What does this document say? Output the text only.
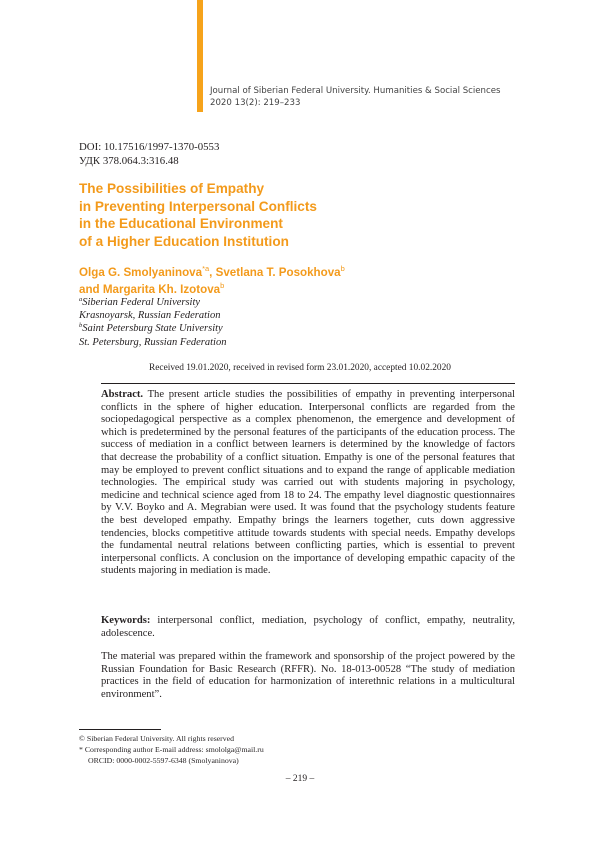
Journal of Siberian Federal University. Humanities & Social Sciences
2020 13(2): 219–233
DOI: 10.17516/1997-1370-0553
УДК 378.064.3:316.48
The Possibilities of Empathy
in Preventing Interpersonal Conflicts
in the Educational Environment
of a Higher Education Institution
Olga G. Smolyaninova$^{*a}$, Svetlana T. Posokhova$^b$
and Margarita Kh. Izotova$^b$
$^a$Siberian Federal University
Krasnoyarsk, Russian Federation
$^b$Saint Petersburg State University
St. Petersburg, Russian Federation
Received 19.01.2020, received in revised form 23.01.2020, accepted 10.02.2020
Abstract. The present article studies the possibilities of empathy in preventing interpersonal conflicts in the sphere of higher education. Interpersonal conflicts are regarded from the sociopedagogical perspective as a complex phenomenon, the emergence and development of which is predetermined by the personal features of the participants of the education process. The success of mediation in a conflict between learners is determined by the knowledge of factors that decrease the probability of a conflict situation. Empathy is one of the personal features that may be employed to prevent conflict situations and to expand the range of applicable mediation technologies. The empirical study was carried out with students majoring in psychology, medicine and technical science aged from 18 to 24. The empathy level diagnostic questionnaires by V.V. Boyko and A. Megrabian were used. It was found that the psychology students feature the best developed empathy. Empathy brings the learners together, cuts down aggressive tendencies, blocks competitive attitude towards students with special needs. Empathy develops the fundamental neutral relations between conflicting parties, which is essential to prevent interpersonal conflicts. A conclusion on the importance of developing empathic capacity of the students majoring in mediation is made.
Keywords: interpersonal conflict, mediation, psychology of conflict, empathy, neutrality, adolescence.
The material was prepared within the framework and sponsorship of the project powered by the Russian Foundation for Basic Research (RFFR). No. 18-013-00528 “The study of mediation practices in the field of education for harmonization of interethnic relations in a multicultural environment”.
© Siberian Federal University. All rights reserved
* Corresponding author E-mail address: smololga@mail.ru
ORCID: 0000-0002-5597-6348 (Smolyaninova)
– 219 –
